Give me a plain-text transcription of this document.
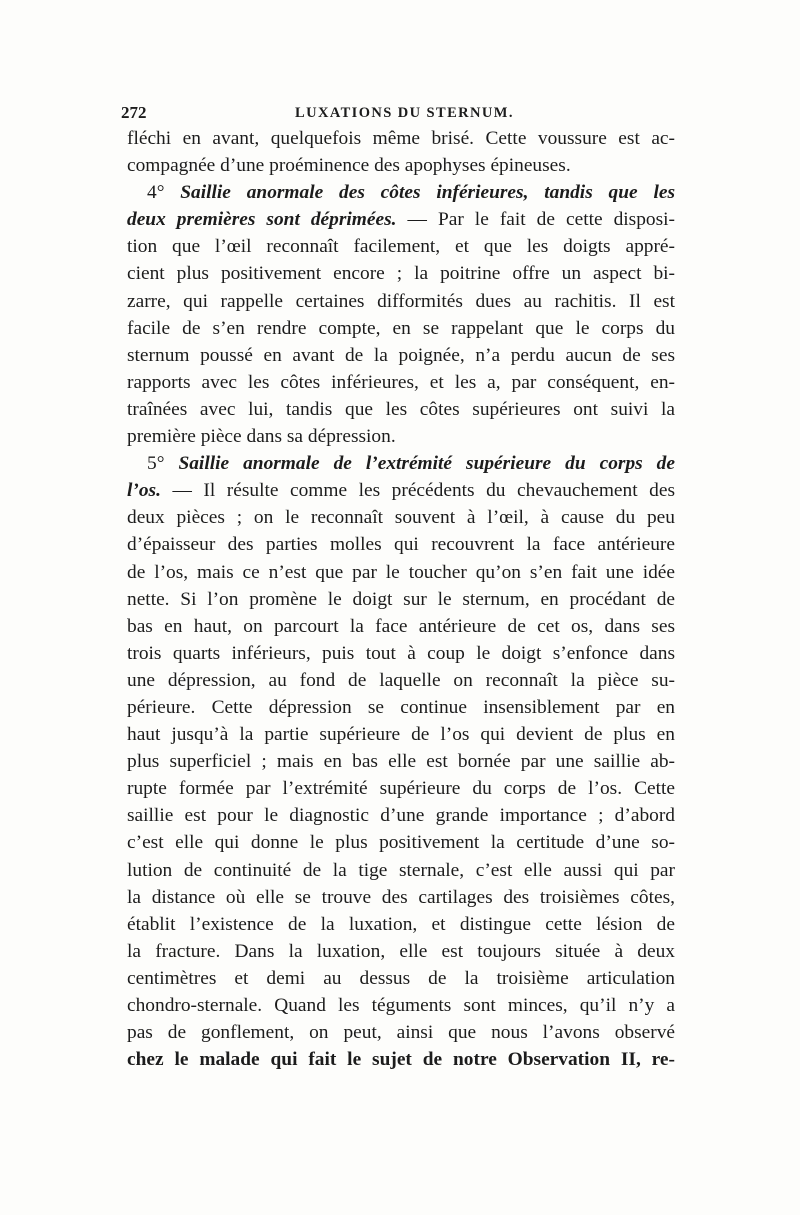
272	LUXATIONS DU STERNUM.
fléchi en avant, quelquefois même brisé. Cette voussure est ac-
compagnée d’une proéminence des apophyses épineuses.
4° Saillie anormale des côtes inférieures, tandis que les
deux premières sont déprimées. — Par le fait de cette disposi-
tion que l’œil reconnaît facilement, et que les doigts appré-
cient plus positivement encore ; la poitrine offre un aspect bi-
zarre, qui rappelle certaines difformités dues au rachitis. Il est
facile de s’en rendre compte, en se rappelant que le corps du
sternum poussé en avant de la poignée, n’a perdu aucun de ses
rapports avec les côtes inférieures, et les a, par conséquent, en-
traînées avec lui, tandis que les côtes supérieures ont suivi la
première pièce dans sa dépression.
5° Saillie anormale de l’extrémité supérieure du corps de
l’os. — Il résulte comme les précédents du chevauchement des
deux pièces ; on le reconnaît souvent à l’œil, à cause du peu
d’épaisseur des parties molles qui recouvrent la face antérieure
de l’os, mais ce n’est que par le toucher qu’on s’en fait une idée
nette. Si l’on promène le doigt sur le sternum, en procédant de
bas en haut, on parcourt la face antérieure de cet os, dans ses
trois quarts inférieurs, puis tout à coup le doigt s’enfonce dans
une dépression, au fond de laquelle on reconnaît la pièce su-
périeure. Cette dépression se continue insensiblement par en
haut jusqu’à la partie supérieure de l’os qui devient de plus en
plus superficiel ; mais en bas elle est bornée par une saillie ab-
rupte formée par l’extrémité supérieure du corps de l’os. Cette
saillie est pour le diagnostic d’une grande importance ; d’abord
c’est elle qui donne le plus positivement la certitude d’une so-
lution de continuité de la tige sternale, c’est elle aussi qui par
la distance où elle se trouve des cartilages des troisièmes côtes,
établit l’existence de la luxation, et distingue cette lésion de
la fracture. Dans la luxation, elle est toujours située à deux
centimètres et demi au dessus de la troisième articulation
chondro-sternale. Quand les téguments sont minces, qu’il n’y a
pas de gonflement, on peut, ainsi que nous l’avons observé
chez le malade qui fait le sujet de notre Observation II, re-
